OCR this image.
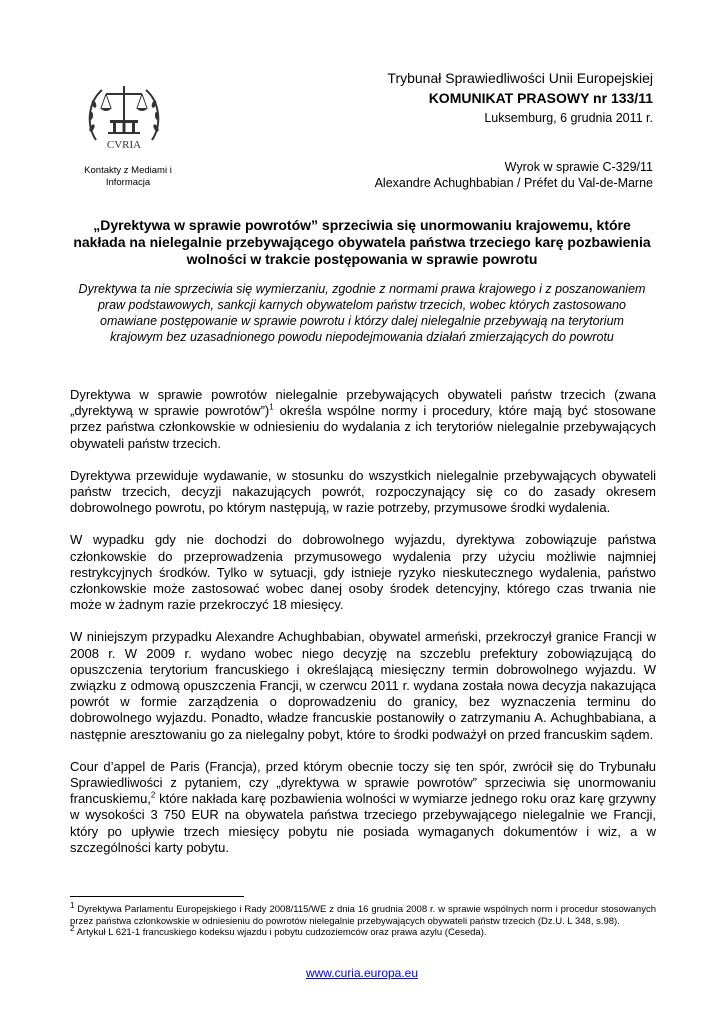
CVRIA
Kontakty z Mediami i Informacja
Trybunał Sprawiedliwości Unii Europejskiej
KOMUNIKAT PRASOWY nr 133/11
Luksemburg, 6 grudnia 2011 r.
Wyrok w sprawie C-329/11
Alexandre Achughbabian / Préfet du Val-de-Marne
„Dyrektywa w sprawie powrotów” sprzeciwia się unormowaniu krajowemu, które nakłada na nielegalnie przebywającego obywatela państwa trzeciego karę pozbawienia wolności w trakcie postępowania w sprawie powrotu
Dyrektywa ta nie sprzeciwia się wymierzaniu, zgodnie z normami prawa krajowego i z poszanowaniem praw podstawowych, sankcji karnych obywatelom państw trzecich, wobec których zastosowano omawiane postępowanie w sprawie powrotu i którzy dalej nielegalnie przebywają na terytorium krajowym bez uzasadnionego powodu niepodejmowania działań zmierzających do powrotu

Dyrektywa w sprawie powrotów nielegalnie przebywających obywateli państw trzecich (zwana „dyrektywą w sprawie powrotów”)$^1$ określa wspólne normy i procedury, które mają być stosowane przez państwa członkowskie w odniesieniu do wydalania z ich terytoriów nielegalnie przebywających obywateli państw trzecich.

Dyrektywa przewiduje wydawanie, w stosunku do wszystkich nielegalnie przebywających obywateli państw trzecich, decyzji nakazujących powrót, rozpoczynający się co do zasady okresem dobrowolnego powrotu, po którym następują, w razie potrzeby, przymusowe środki wydalenia.

W wypadku gdy nie dochodzi do dobrowolnego wyjazdu, dyrektywa zobowiązuje państwa członkowskie do przeprowadzenia przymusowego wydalenia przy użyciu możliwie najmniej restrykcyjnych środków. Tylko w sytuacji, gdy istnieje ryzyko nieskutecznego wydalenia, państwo członkowskie może zastosować wobec danej osoby środek detencyjny, którego czas trwania nie może w żadnym razie przekroczyć 18 miesięcy.

W niniejszym przypadku Alexandre Achughbabian, obywatel armeński, przekroczył granice Francji w 2008 r. W 2009 r. wydano wobec niego decyzję na szczeblu prefektury zobowiązującą do opuszczenia terytorium francuskiego i określającą miesięczny termin dobrowolnego wyjazdu. W związku z odmową opuszczenia Francji, w czerwcu 2011 r. wydana została nowa decyzja nakazująca powrót w formie zarządzenia o doprowadzeniu do granicy, bez wyznaczenia terminu do dobrowolnego wyjazdu. Ponadto, władze francuskie postanowiły o zatrzymaniu A. Achughbabiana, a następnie aresztowaniu go za nielegalny pobyt, które to środki podważył on przed francuskim sądem.

Cour d’appel de Paris (Francja), przed którym obecnie toczy się ten spór, zwrócił się do Trybunału Sprawiedliwości z pytaniem, czy „dyrektywa w sprawie powrotów” sprzeciwia się unormowaniu francuskiemu,$^2$ które nakłada karę pozbawienia wolności w wymiarze jednego roku oraz karę grzywny w wysokości 3 750 EUR na obywatela państwa trzeciego przebywającego nielegalnie we Francji, który po upływie trzech miesięcy pobytu nie posiada wymaganych dokumentów i wiz, a w szczególności karty pobytu.

$^1$ Dyrektywa Parlamentu Europejskiego i Rady 2008/115/WE z dnia 16 grudnia 2008 r. w sprawie wspólnych norm i procedur stosowanych przez państwa członkowskie w odniesieniu do powrotów nielegalnie przebywających obywateli państw trzecich (Dz.U. L 348, s.98).

$^2$ Artykuł L 621-1 francuskiego kodeksu wjazdu i pobytu cudzoziemców oraz prawa azylu (Ceseda).

www.curia.europa.eu
